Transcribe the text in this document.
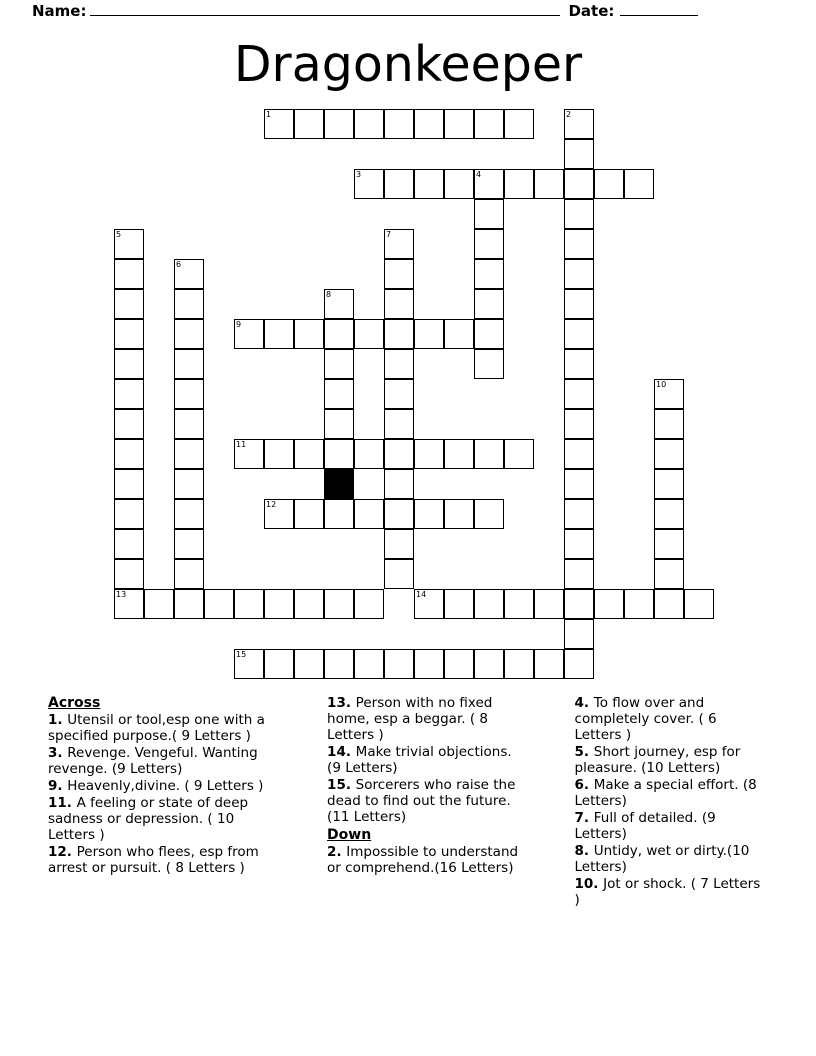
Name:	Date:
Dragonkeeper
1	2
3	4
5	7
6
8
9
10
11
12
13	14
15
Across
1. Utensil or tool,esp one with a specified purpose.( 9 Letters )
3. Revenge. Vengeful. Wanting revenge. (9 Letters)
9. Heavenly,divine. ( 9 Letters )
11. A feeling or state of deep sadness or depression. ( 10 Letters )
12. Person who flees, esp from arrest or pursuit. ( 8 Letters )
13. Person with no fixed home, esp a beggar. ( 8 Letters )
14. Make trivial objections. (9 Letters)
15. Sorcerers who raise the dead to find out the future. (11 Letters)
Down
2. Impossible to understand or comprehend.(16 Letters)
4. To flow over and completely cover. ( 6 Letters )
5. Short journey, esp for pleasure. (10 Letters)
6. Make a special effort. (8 Letters)
7. Full of detailed. (9 Letters)
8. Untidy, wet or dirty.(10 Letters)
10. Jot or shock. ( 7 Letters )
